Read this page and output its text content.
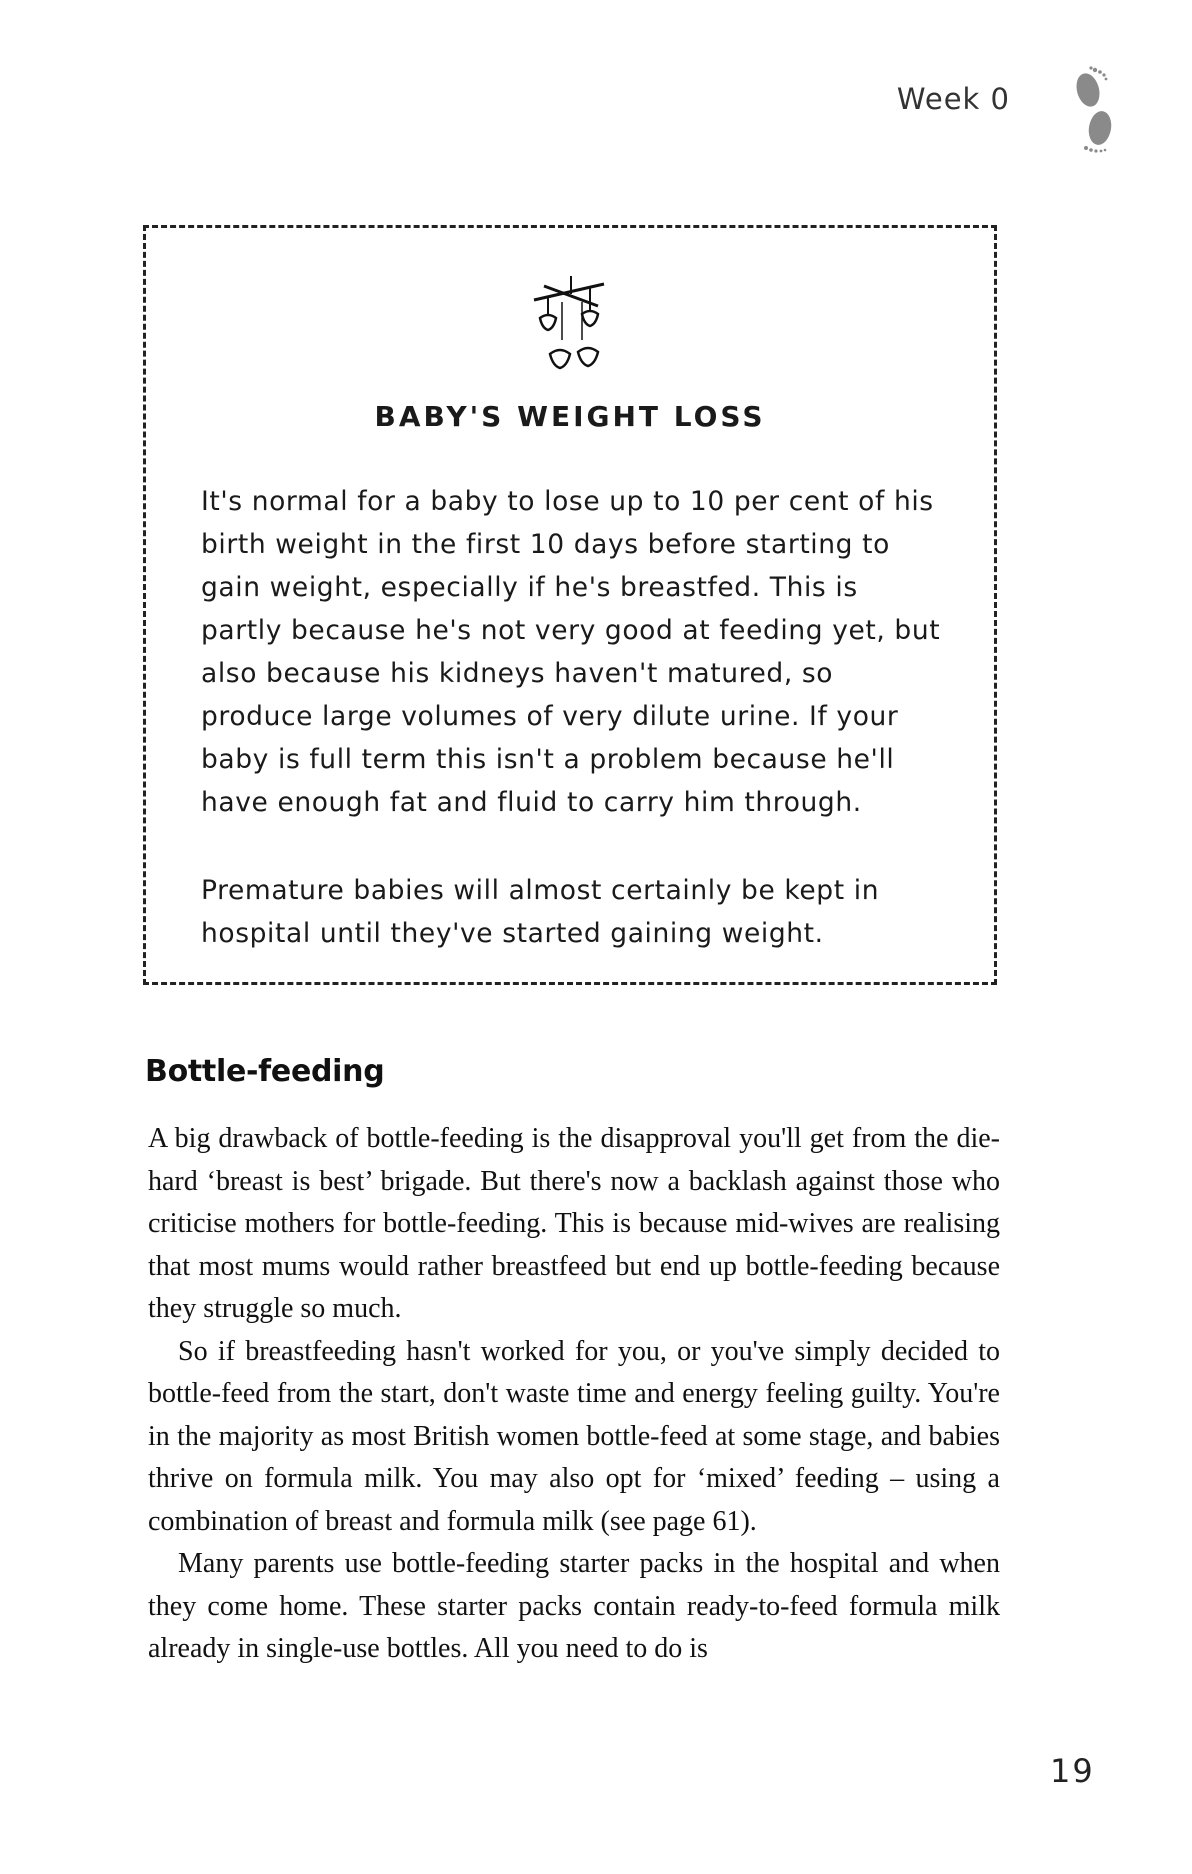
Week 0
BABY'S WEIGHT LOSS

It's normal for a baby to lose up to 10 per cent of his birth weight in the first 10 days before starting to gain weight, especially if he's breastfed. This is partly because he's not very good at feeding yet, but also because his kidneys haven't matured, so produce large volumes of very dilute urine. If your baby is full term this isn't a problem because he'll have enough fat and fluid to carry him through.

Premature babies will almost certainly be kept in hospital until they've started gaining weight.

Bottle-feeding

A big drawback of bottle-feeding is the disapproval you'll get from the die-hard ‘breast is best’ brigade. But there's now a backlash against those who criticise mothers for bottle-feeding. This is because mid-wives are realising that most mums would rather breastfeed but end up bottle-feeding because they struggle so much.

So if breastfeeding hasn't worked for you, or you've simply decided to bottle-feed from the start, don't waste time and energy feeling guilty. You're in the majority as most British women bottle-feed at some stage, and babies thrive on formula milk. You may also opt for ‘mixed’ feeding – using a combination of breast and formula milk (see page 61).

Many parents use bottle-feeding starter packs in the hospital and when they come home. These starter packs contain ready-to-feed formula milk already in single-use bottles. All you need to do is

19
